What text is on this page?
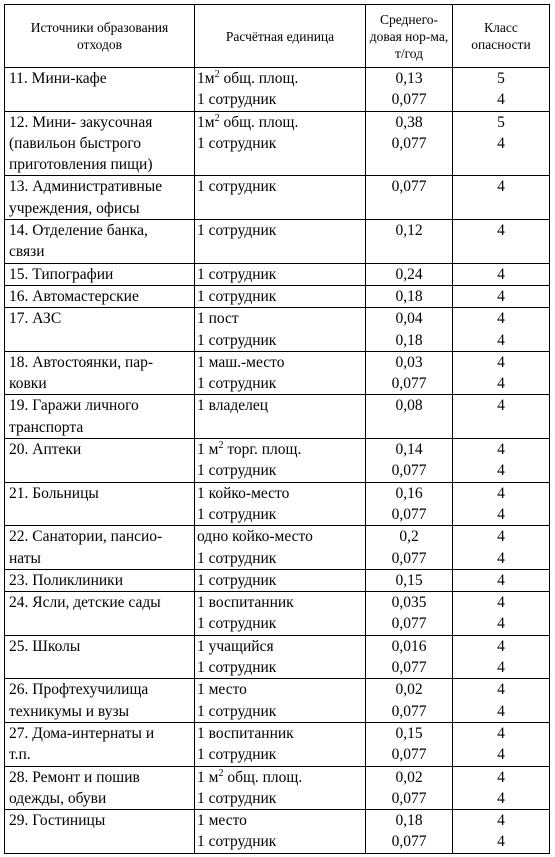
Источники образования отходов	Расчётная единица	Среднего-довая нор-ма, т/год	Класс опасности

11. Мини-кафе	$1м^2$ общ. площ.	0,13	5
	1 сотрудник	0,077	4

12. Мини- закусочная
(павильон быстрого
приготовления пищи)	$1м^2$ общ. площ.	0,38	5
	1 сотрудник	0,077	4

13. Административные
учреждения, офисы	1 сотрудник	0,077	4

14. Отделение банка,
связи	1 сотрудник	0,12	4

15. Типографии	1 сотрудник	0,24	4

16. Автомастерские	1 сотрудник	0,18	4

17. АЗС	1 пост	0,04	4
	1 сотрудник	0,18	4

18. Автостоянки, пар-
ковки	1 маш.-место	0,03	4
	1 сотрудник	0,077	4

19. Гаражи личного
транспорта	1 владелец	0,08	4

20. Аптеки	1 $м^2$ торг. площ.	0,14	4
	1 сотрудник	0,077	4

21. Больницы	1 койко-место	0,16	4
	1 сотрудник	0,077	4

22. Санатории, пансио-
наты	одно койко-место	0,2	4
	1 сотрудник	0,077	4

23. Поликлиники	1 сотрудник	0,15	4

24. Ясли, детские сады	1 воспитанник	0,035	4
	1 сотрудник	0,077	4

25. Школы	1 учащийся	0,016	4
	1 сотрудник	0,077	4

26. Профтехучилища
техникумы и вузы	1 место	0,02	4
	1 сотрудник	0,077	4

27. Дома-интернаты и
т.п.	1 воспитанник	0,15	4
	1 сотрудник	0,077	4

28. Ремонт и пошив
одежды, обуви	1 $м^2$ общ. площ.	0,02	4
	1 сотрудник	0,077	4

29. Гостиницы	1 место	0,18	4
	1 сотрудник	0,077	4
